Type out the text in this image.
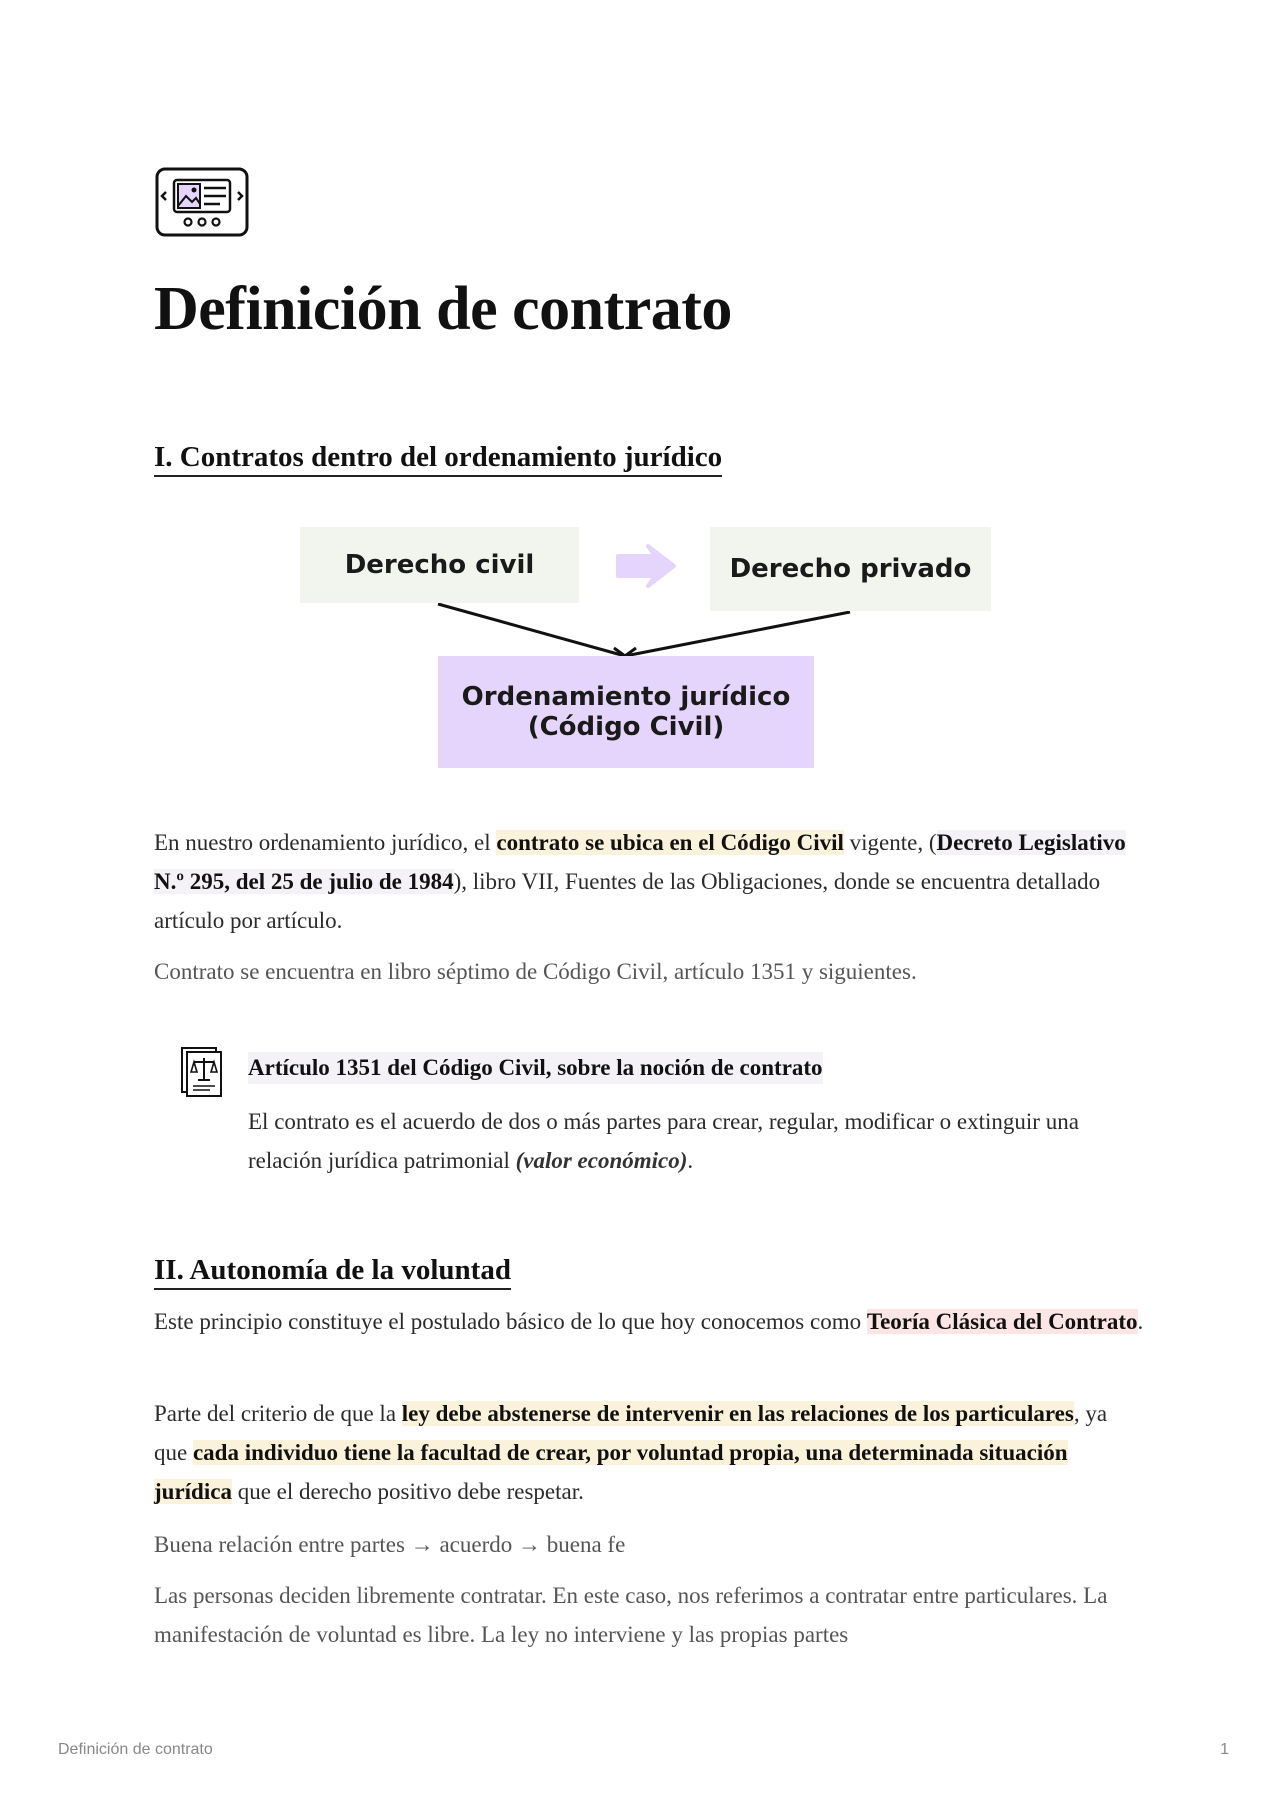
Definición de contrato
I. Contratos dentro del ordenamiento jurídico
Derecho civil	Derecho privado
Ordenamiento jurídico
(Código Civil)

En nuestro ordenamiento jurídico, el contrato se ubica en el Código Civil vigente, (Decreto Legislativo N.º 295, del 25 de julio de 1984), libro VII, Fuentes de las Obligaciones, donde se encuentra detallado artículo por artículo.

Contrato se encuentra en libro séptimo de Código Civil, artículo 1351 y siguientes.

Artículo 1351 del Código Civil, sobre la noción de contrato

El contrato es el acuerdo de dos o más partes para crear, regular, modificar o extinguir una relación jurídica patrimonial (valor económico).

II. Autonomía de la voluntad

Este principio constituye el postulado básico de lo que hoy conocemos como Teoría Clásica del Contrato.

Parte del criterio de que la ley debe abstenerse de intervenir en las relaciones de los particulares, ya que cada individuo tiene la facultad de crear, por voluntad propia, una determinada situación jurídica que el derecho positivo debe respetar.

Buena relación entre partes → acuerdo → buena fe

Las personas deciden libremente contratar. En este caso, nos referimos a contratar entre particulares. La manifestación de voluntad es libre. La ley no interviene y las propias partes

Definición de contrato	1
